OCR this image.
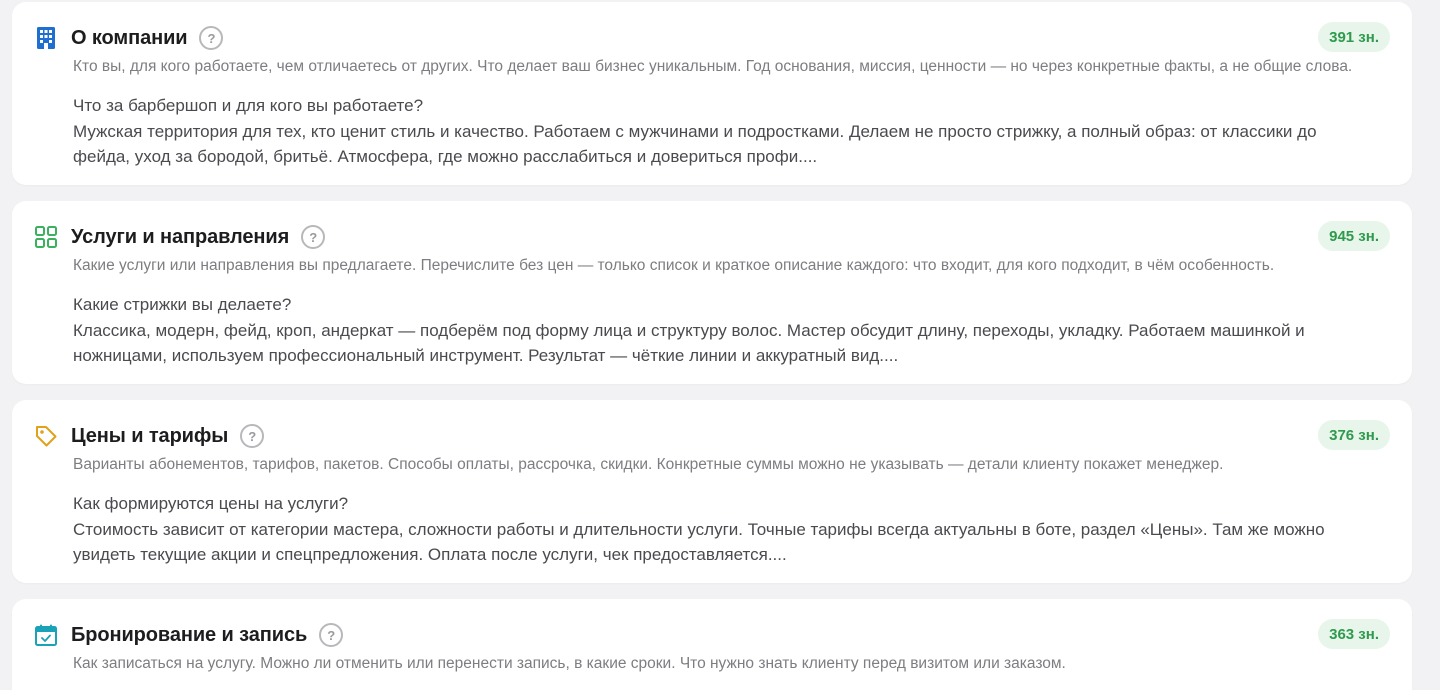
О компании	?	391 зн.
Кто вы, для кого работаете, чем отличаетесь от других. Что делает ваш бизнес уникальным. Год основания, миссия, ценности — но через конкретные факты, а не общие слова.

Что за барбершоп и для кого вы работаете?

Мужская территория для тех, кто ценит стиль и качество. Работаем с мужчинами и подростками. Делаем не просто стрижку, а полный образ: от классики до фейда, уход за бородой, бритьё. Атмосфера, где можно расслабиться и довериться профи....

Услуги и направления	?	945 зн.
Какие услуги или направления вы предлагаете. Перечислите без цен — только список и краткое описание каждого: что входит, для кого подходит, в чём особенность.

Какие стрижки вы делаете?

Классика, модерн, фейд, кроп, андеркат — подберём под форму лица и структуру волос. Мастер обсудит длину, переходы, укладку. Работаем машинкой и ножницами, используем профессиональный инструмент. Результат — чёткие линии и аккуратный вид....

Цены и тарифы	?	376 зн.
Варианты абонементов, тарифов, пакетов. Способы оплаты, рассрочка, скидки. Конкретные суммы можно не указывать — детали клиенту покажет менеджер.

Как формируются цены на услуги?

Стоимость зависит от категории мастера, сложности работы и длительности услуги. Точные тарифы всегда актуальны в боте, раздел «Цены». Там же можно увидеть текущие акции и спецпредложения. Оплата после услуги, чек предоставляется....

Бронирование и запись	?	363 зн.
Как записаться на услугу. Можно ли отменить или перенести запись, в какие сроки. Что нужно знать клиенту перед визитом или заказом.
